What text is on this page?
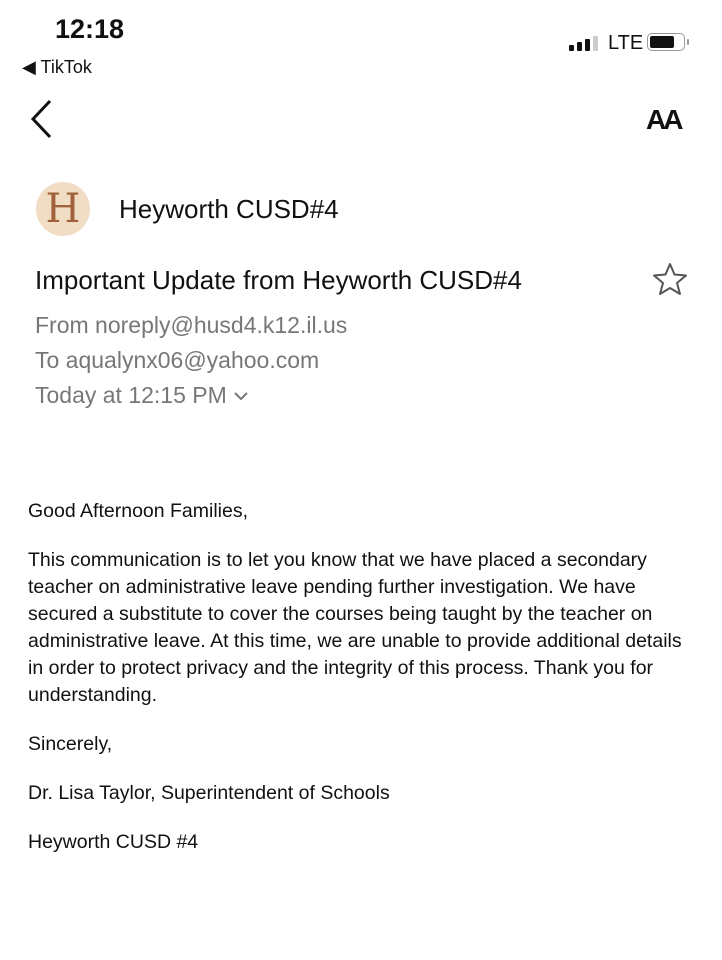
12:18
◀ TikTok
LTE
AA
H	Heyworth CUSD#4
Important Update from Heyworth CUSD#4
From noreply@husd4.k12.il.us
To aqualynx06@yahoo.com
Today at 12:15 PM

Good Afternoon Families,

This communication is to let you know that we have placed a secondary teacher on administrative leave pending further investigation. We have secured a substitute to cover the courses being taught by the teacher on administrative leave. At this time, we are unable to provide additional details in order to protect privacy and the integrity of this process. Thank you for understanding.

Sincerely,

Dr. Lisa Taylor, Superintendent of Schools

Heyworth CUSD #4
